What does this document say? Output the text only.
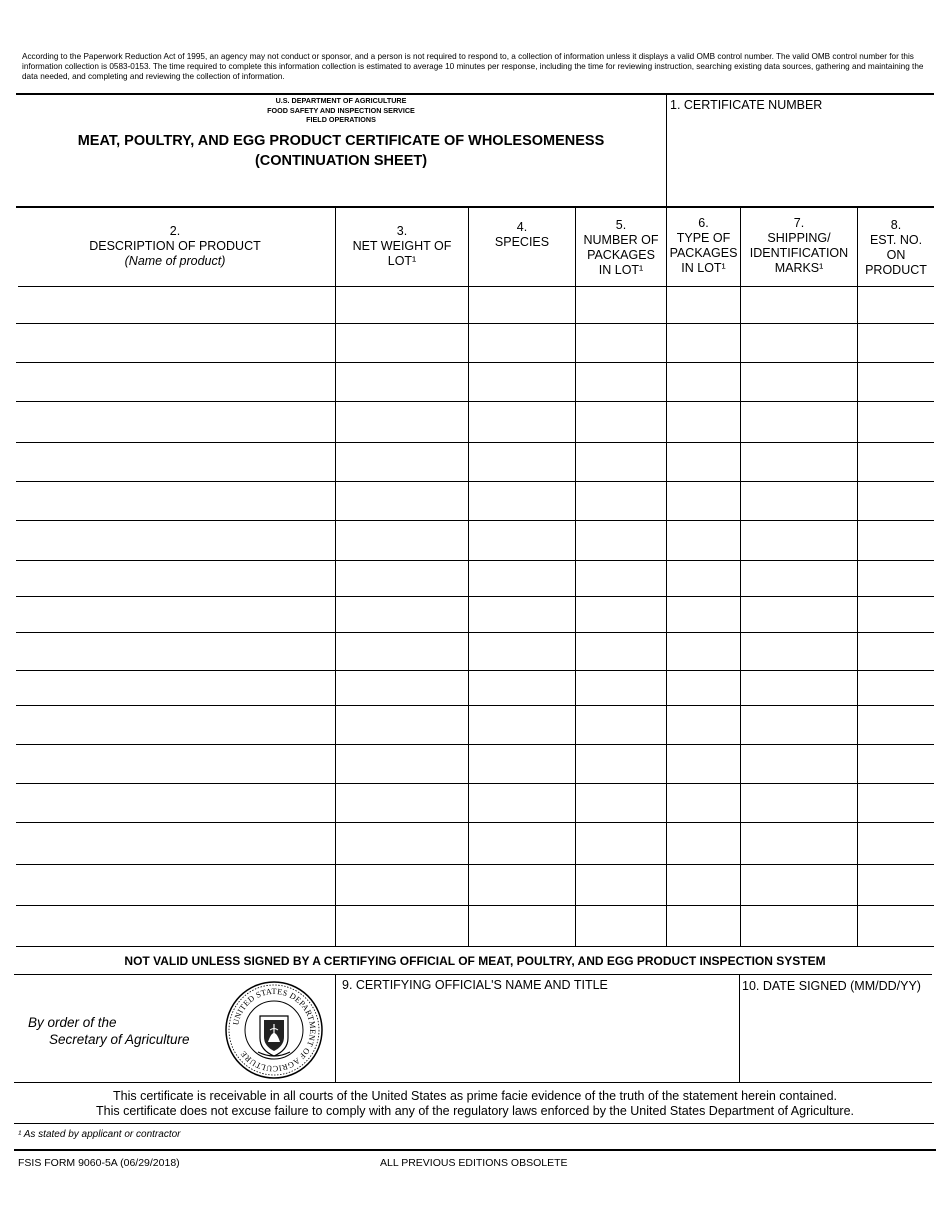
According to the Paperwork Reduction Act of 1995, an agency may not conduct or sponsor, and a person is not required to respond to, a collection of information unless it displays a valid OMB control number. The valid OMB control number for this information collection is 0583-0153. The time required to complete this information collection is estimated to average 10 minutes per response, including the time for reviewing instruction, searching existing data sources, gathering and maintaining the data needed, and completing and reviewing the collection of information.
U.S. DEPARTMENT OF AGRICULTURE
FOOD SAFETY AND INSPECTION SERVICE
FIELD OPERATIONS
MEAT, POULTRY, AND EGG PRODUCT CERTIFICATE OF WHOLESOMENESS
(CONTINUATION SHEET)
1. CERTIFICATE NUMBER
2.
DESCRIPTION OF PRODUCT
(Name of product)
3.
NET WEIGHT OF
LOT¹
4.
SPECIES
5.
NUMBER OF
PACKAGES
IN LOT¹
6.
TYPE OF
PACKAGES
IN LOT¹
7.
SHIPPING/
IDENTIFICATION
MARKS¹
8.
EST. NO.
ON
PRODUCT
NOT VALID UNLESS SIGNED BY A CERTIFYING OFFICIAL OF MEAT, POULTRY, AND EGG PRODUCT INSPECTION SYSTEM
By order of the
Secretary of Agriculture
UNITED STATES DEPARTMENT OF AGRICULTURE
9. CERTIFYING OFFICIAL'S NAME AND TITLE	10. DATE SIGNED (MM/DD/YY)
This certificate is receivable in all courts of the United States as prime facie evidence of the truth of the statement herein contained.
This certificate does not excuse failure to comply with any of the regulatory laws enforced by the United States Department of Agriculture.
¹ As stated by applicant or contractor
FSIS FORM 9060-5A (06/29/2018)	ALL PREVIOUS EDITIONS OBSOLETE
